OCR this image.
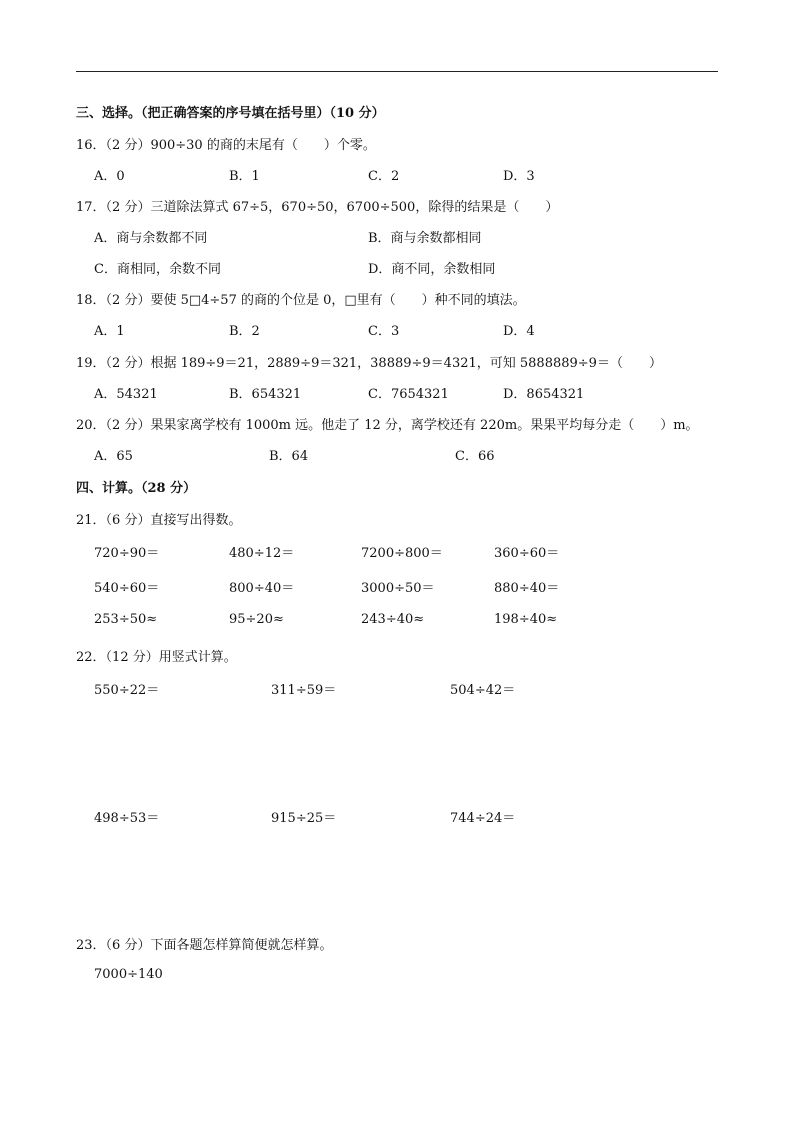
三、选择。（把正确答案的序号填在括号里）（10 分）
16．（2 分）900÷30 的商的末尾有（　　）个零。
A．0	B．1	C．2	D．3
17．（2 分）三道除法算式 67÷5，670÷50，6700÷500，除得的结果是（　　）
A．商与余数都不同	B．商与余数都相同
C．商相同，余数不同	D．商不同，余数相同
18．（2 分）要使 5□4÷57 的商的个位是 0，□里有（　　）种不同的填法。
A．1	B．2	C．3	D．4
19．（2 分）根据 189÷9＝21，2889÷9＝321，38889÷9＝4321，可知 5888889÷9＝（　　）
A．54321	B．654321	C．7654321	D．8654321
20．（2 分）果果家离学校有 1000m 远。他走了 12 分，离学校还有 220m。果果平均每分走（　　）m。
A．65	B．64	C．66
四、计算。（28 分）
21．（6 分）直接写出得数。
720÷90＝	480÷12＝	7200÷800＝	360÷60＝
540÷60＝	800÷40＝	3000÷50＝	880÷40＝
253÷50≈	95÷20≈	243÷40≈	198÷40≈
22．（12 分）用竖式计算。
550÷22＝	311÷59＝	504÷42＝
498÷53＝	915÷25＝	744÷24＝
23．（6 分）下面各题怎样算简便就怎样算。
7000÷140
